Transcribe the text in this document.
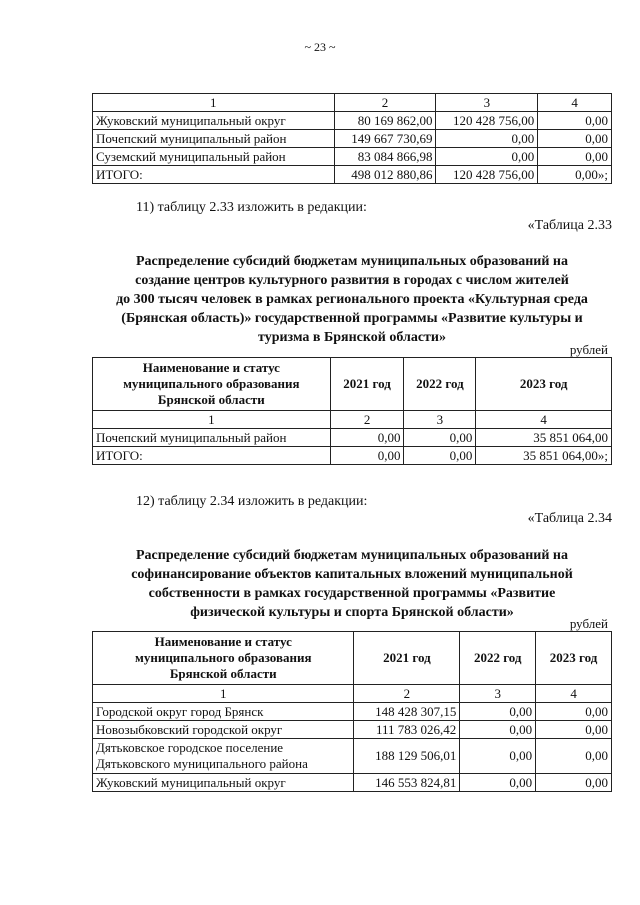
~ 23 ~
1	2	3	4
Жуковский муниципальный округ	80 169 862,00	120 428 756,00	0,00
Почепский муниципальный район	149 667 730,69	0,00	0,00
Суземский муниципальный район	83 084 866,98	0,00	0,00
ИТОГО:	498 012 880,86	120 428 756,00	0,00»;
11) таблицу 2.33 изложить в редакции:
«Таблица 2.33
Распределение субсидий бюджетам муниципальных образований на
создание центров культурного развития в городах с числом жителей
до 300 тысяч человек в рамках регионального проекта «Культурная среда
(Брянская область)» государственной программы «Развитие культуры и
туризма в Брянской области»
рублей
Наименование и статус
муниципального образования
Брянской области	2021 год	2022 год	2023 год
1	2	3	4
Почепский муниципальный район	0,00	0,00	35 851 064,00
ИТОГО:	0,00	0,00	35 851 064,00»;
12) таблицу 2.34 изложить в редакции:
«Таблица 2.34
Распределение субсидий бюджетам муниципальных образований на
софинансирование объектов капитальных вложений муниципальной
собственности в рамках государственной программы «Развитие
физической культуры и спорта Брянской области»
рублей
Наименование и статус
муниципального образования
Брянской области	2021 год	2022 год	2023 год
1	2	3	4
Городской округ город Брянск	148 428 307,15	0,00	0,00
Новозыбковский городской округ	111 783 026,42	0,00	0,00

Дятьковское городское поселение
Дятьковского муниципального района	188 129 506,01	0,00	0,00
Жуковский муниципальный округ	146 553 824,81	0,00	0,00
